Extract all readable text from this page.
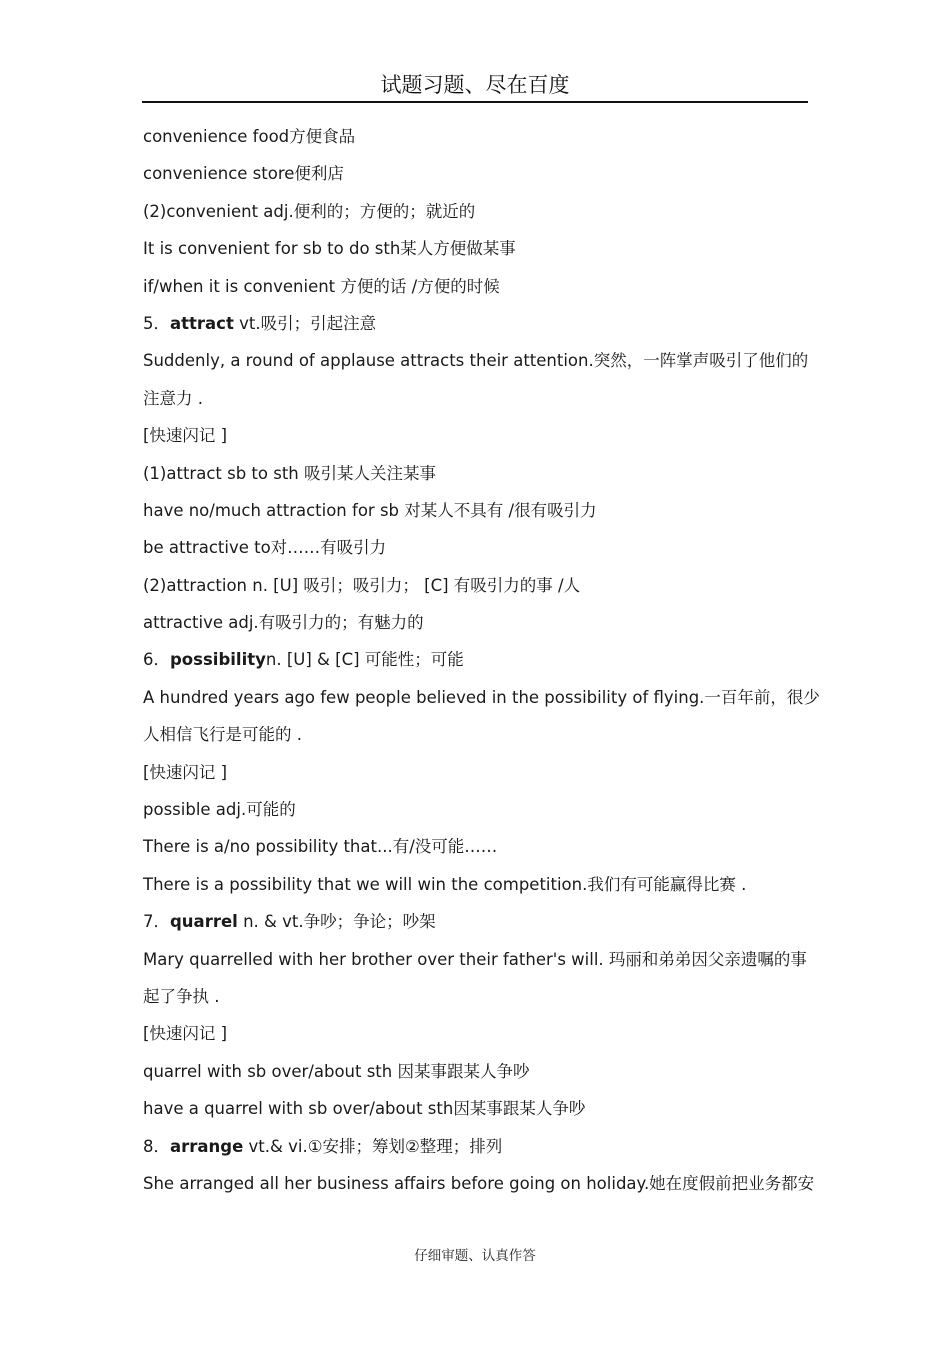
试题习题、尽在百度
convenience food方便食品
convenience store便利店
(2)convenient adj.便利的；方便的；就近的
It is convenient for sb to do sth某人方便做某事
if/when it is convenient 方便的话 /方便的时候
5．attract vt.吸引；引起注意
Suddenly, a round of applause attracts their attention.突然，一阵掌声吸引了他们的
注意力 .
[快速闪记 ]
(1)attract sb to sth 吸引某人关注某事
have no/much attraction for sb 对某人不具有 /很有吸引力
be attractive to对……有吸引力
(2)attraction n. [U] 吸引；吸引力； [C] 有吸引力的事 /人
attractive adj.有吸引力的；有魅力的
6．possibilityn. [U] & [C] 可能性；可能
A hundred years ago few people believed in the possibility of flying.一百年前，很少
人相信飞行是可能的 .
[快速闪记 ]
possible adj.可能的
There is a/no possibility that...有/没可能……
There is a possibility that we will win the competition.我们有可能赢得比赛 .
7．quarrel n. & vt.争吵；争论；吵架
Mary quarrelled with her brother over their father's will. 玛丽和弟弟因父亲遗嘱的事
起了争执 .
[快速闪记 ]
quarrel with sb over/about sth 因某事跟某人争吵
have a quarrel with sb over/about sth因某事跟某人争吵
8．arrange vt.& vi.①安排；筹划②整理；排列
She arranged all her business affairs before going on holiday.她在度假前把业务都安
仔细审题、认真作答
